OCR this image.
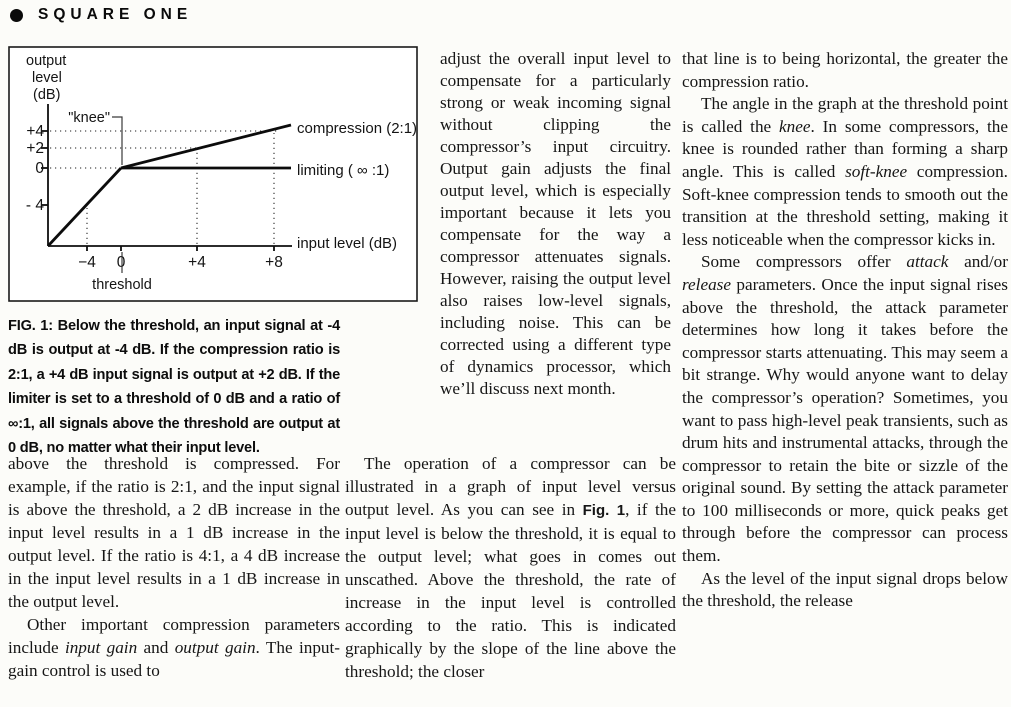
SQUARE ONE
output
level
(dB)
+4
+2
0
- 4
−4 0	+4	+8
"knee"
threshold
compression (2:1)
limiting ( ∞ :1)
input level (dB)
FIG. 1: Below the threshold, an input signal at -4 dB is output at -4 dB. If the compression ratio is 2:1, a +4 dB input signal is output at +2 dB. If the limiter is set to a threshold of 0 dB and a ratio of ∞:1, all signals above the threshold are output at 0 dB, no matter what their input level.

above the threshold is compressed. For example, if the ratio is 2:1, and the input signal is above the threshold, a 2 dB increase in the input level results in a 1 dB increase in the output level. If the ratio is 4:1, a 4 dB increase in the input level results in a 1 dB increase in the output level.

Other important compression parameters include input gain and output gain. The input-gain control is used to

adjust the overall input level to compensate for a particularly strong or weak incoming signal without clipping the compressor’s input circuitry. Output gain adjusts the final output level, which is especially important because it lets you compensate for the way a compressor attenuates signals. However, raising the output level also raises low-level signals, including noise. This can be corrected using a different type of dynamics processor, which we’ll discuss next month.

The operation of a compressor can be illustrated in a graph of input level versus output level. As you can see in Fig. 1, if the input level is below the threshold, it is equal to the output level; what goes in comes out unscathed. Above the threshold, the rate of increase in the input level is controlled according to the ratio. This is indicated graphically by the slope of the line above the threshold; the closer

that line is to being horizontal, the greater the compression ratio.

The angle in the graph at the threshold point is called the knee. In some compressors, the knee is rounded rather than forming a sharp angle. This is called soft-knee compression. Soft-knee compression tends to smooth out the transition at the threshold setting, making it less noticeable when the compressor kicks in.

Some compressors offer attack and/or release parameters. Once the input signal rises above the threshold, the attack parameter determines how long it takes before the compressor starts attenuating. This may seem a bit strange. Why would anyone want to delay the compressor’s operation? Sometimes, you want to pass high-level peak transients, such as drum hits and instrumental attacks, through the compressor to retain the bite or sizzle of the original sound. By setting the attack parameter to 100 milliseconds or more, quick peaks get through before the compressor can process them.

As the level of the input signal drops below the threshold, the release
